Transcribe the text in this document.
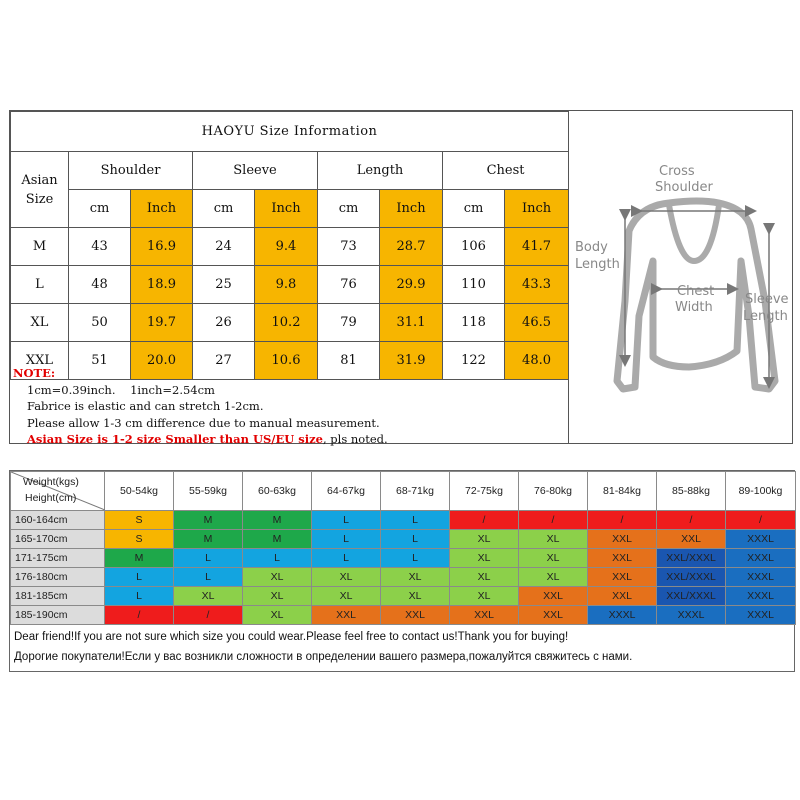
HAOYU Size Information								
Asian Size	Shoulder		Sleeve		Length		Chest	
	cm	Inch	cm	Inch	cm	Inch	cm	Inch
M	43	16.9	24	9.4	73	28.7	106	41.7
L	48	18.9	25	9.8	76	29.9	110	43.3
XL	50	19.7	26	10.2	79	31.1	118	46.5
XXL	51	20.0	27	10.6	81	31.9	122	48.0
NOTE:
1cm=0.39inch.    1inch=2.54cm
Fabrice is elastic and can stretch 1-2cm.
Please allow 1-3 cm difference due to manual measurement.
Asian Size is 1-2 size Smaller than US/EU size, pls noted.
Cross
Shoulder
Body
Length
Chest
Width
Sleeve
Length
Weight(kgs)
Height(cm)	50-54kg	55-59kg	60-63kg	64-67kg	68-71kg	72-75kg	76-80kg	81-84kg	85-88kg	89-100kg
160-164cm	S	M	M	L	L	/	/	/	/	/
165-170cm	S	M	M	L	L	XL	XL	XXL	XXL	XXXL
171-175cm	M	L	L	L	L	XL	XL	XXL	XXL/XXXL	XXXL
176-180cm	L	L	XL	XL	XL	XL	XL	XXL	XXL/XXXL	XXXL
181-185cm	L	XL	XL	XL	XL	XL	XXL	XXL	XXL/XXXL	XXXL
185-190cm	/	/	XL	XXL	XXL	XXL	XXL	XXXL	XXXL	XXXL
Dear friend!If you are not sure which size you could wear.Please feel free to contact us!Thank you for buying!
Дорогие покупатели!Если у вас возникли сложности в определении вашего размера,пожалуйтся свяжитесь с нами.
